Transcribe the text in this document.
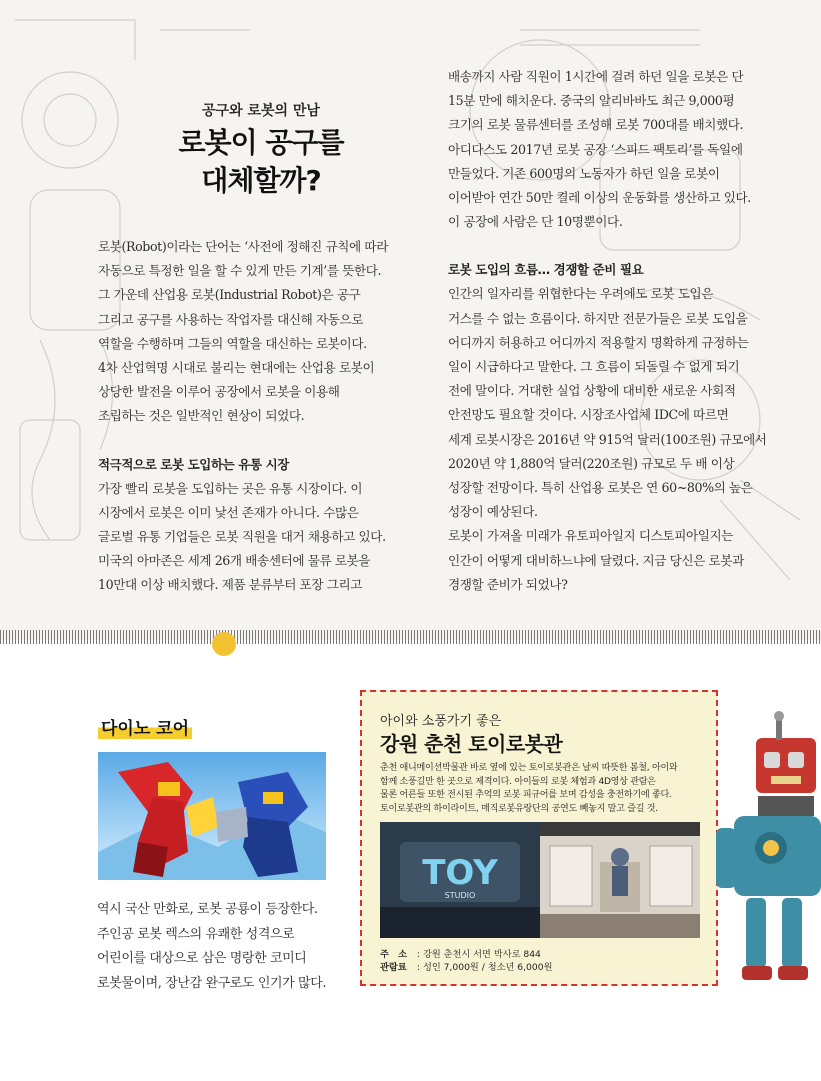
공구와 로봇의 만남
로봇이 공구를
대체할까?

로봇(Robot)이라는 단어는 ‘사전에 정해진 규칙에 따라

자동으로 특정한 일을 할 수 있게 만든 기계’를 뜻한다.

그 가운데 산업용 로봇(Industrial Robot)은 공구

그리고 공구를 사용하는 작업자를 대신해 자동으로

역할을 수행하며 그들의 역할을 대신하는 로봇이다.

4차 산업혁명 시대로 불리는 현대에는 산업용 로봇이

상당한 발전을 이루어 공장에서 로봇을 이용해

조립하는 것은 일반적인 현상이 되었다.

적극적으로 로봇 도입하는 유통 시장

가장 빨리 로봇을 도입하는 곳은 유통 시장이다. 이

시장에서 로봇은 이미 낯선 존재가 아니다. 수많은

글로벌 유통 기업들은 로봇 직원을 대거 채용하고 있다.

미국의 아마존은 세계 26개 배송센터에 물류 로봇을

10만대 이상 배치했다. 제품 분류부터 포장 그리고

배송까지 사람 직원이 1시간에 걸려 하던 일을 로봇은 단

15분 만에 해치운다. 중국의 알리바바도 최근 9,000평

크기의 로봇 물류센터를 조성해 로봇 700대를 배치했다.

아디다스도 2017년 로봇 공장 ‘스피드 팩토리’를 독일에

만들었다. 기존 600명의 노동자가 하던 일을 로봇이

이어받아 연간 50만 켤레 이상의 운동화를 생산하고 있다.

이 공장에 사람은 단 10명뿐이다.

로봇 도입의 흐름… 경쟁할 준비 필요

인간의 일자리를 위협한다는 우려에도 로봇 도입은

거스를 수 없는 흐름이다. 하지만 전문가들은 로봇 도입을

어디까지 허용하고 어디까지 적용할지 명확하게 규정하는

일이 시급하다고 말한다. 그 흐름이 되돌릴 수 없게 되기

전에 말이다. 거대한 실업 상황에 대비한 새로운 사회적

안전망도 필요할 것이다. 시장조사업체 IDC에 따르면

세계 로봇시장은 2016년 약 915억 달러(100조원) 규모에서

2020년 약 1,880억 달러(220조원) 규모로 두 배 이상

성장할 전망이다. 특히 산업용 로봇은 연 60~80%의 높은

성장이 예상된다.

로봇이 가져올 미래가 유토피아일지 디스토피아일지는

인간이 어떻게 대비하느냐에 달렸다. 지금 당신은 로봇과

경쟁할 준비가 되었나?

다이노 코어

역시 국산 만화로, 로봇 공룡이 등장한다.

주인공 로봇 렉스의 유쾌한 성격으로

어린이를 대상으로 삼은 명랑한 코미디

로봇물이며, 장난감 완구로도 인기가 많다.

아이와 소풍가기 좋은
강원 춘천 토이로봇관

춘천 애니메이션박물관 바로 옆에 있는 토이로봇관은 날씨 따뜻한 봄철, 아이와

함께 소풍길만 한 곳으로 제격이다. 아이들의 로봇 체험과 4D영상 관람은

물론 어른들 또한 전시된 추억의 로봇 피규어를 보며 감성을 충전하기에 좋다.

토이로봇관의 하이라이트, 매직로봇유랑단의 공연도 빼놓지 말고 즐길 것.

TOY
STUDIO
주　소 : 강원 춘천시 서면 박사로 844
관람료 : 성인 7,000원 / 청소년 6,000원
